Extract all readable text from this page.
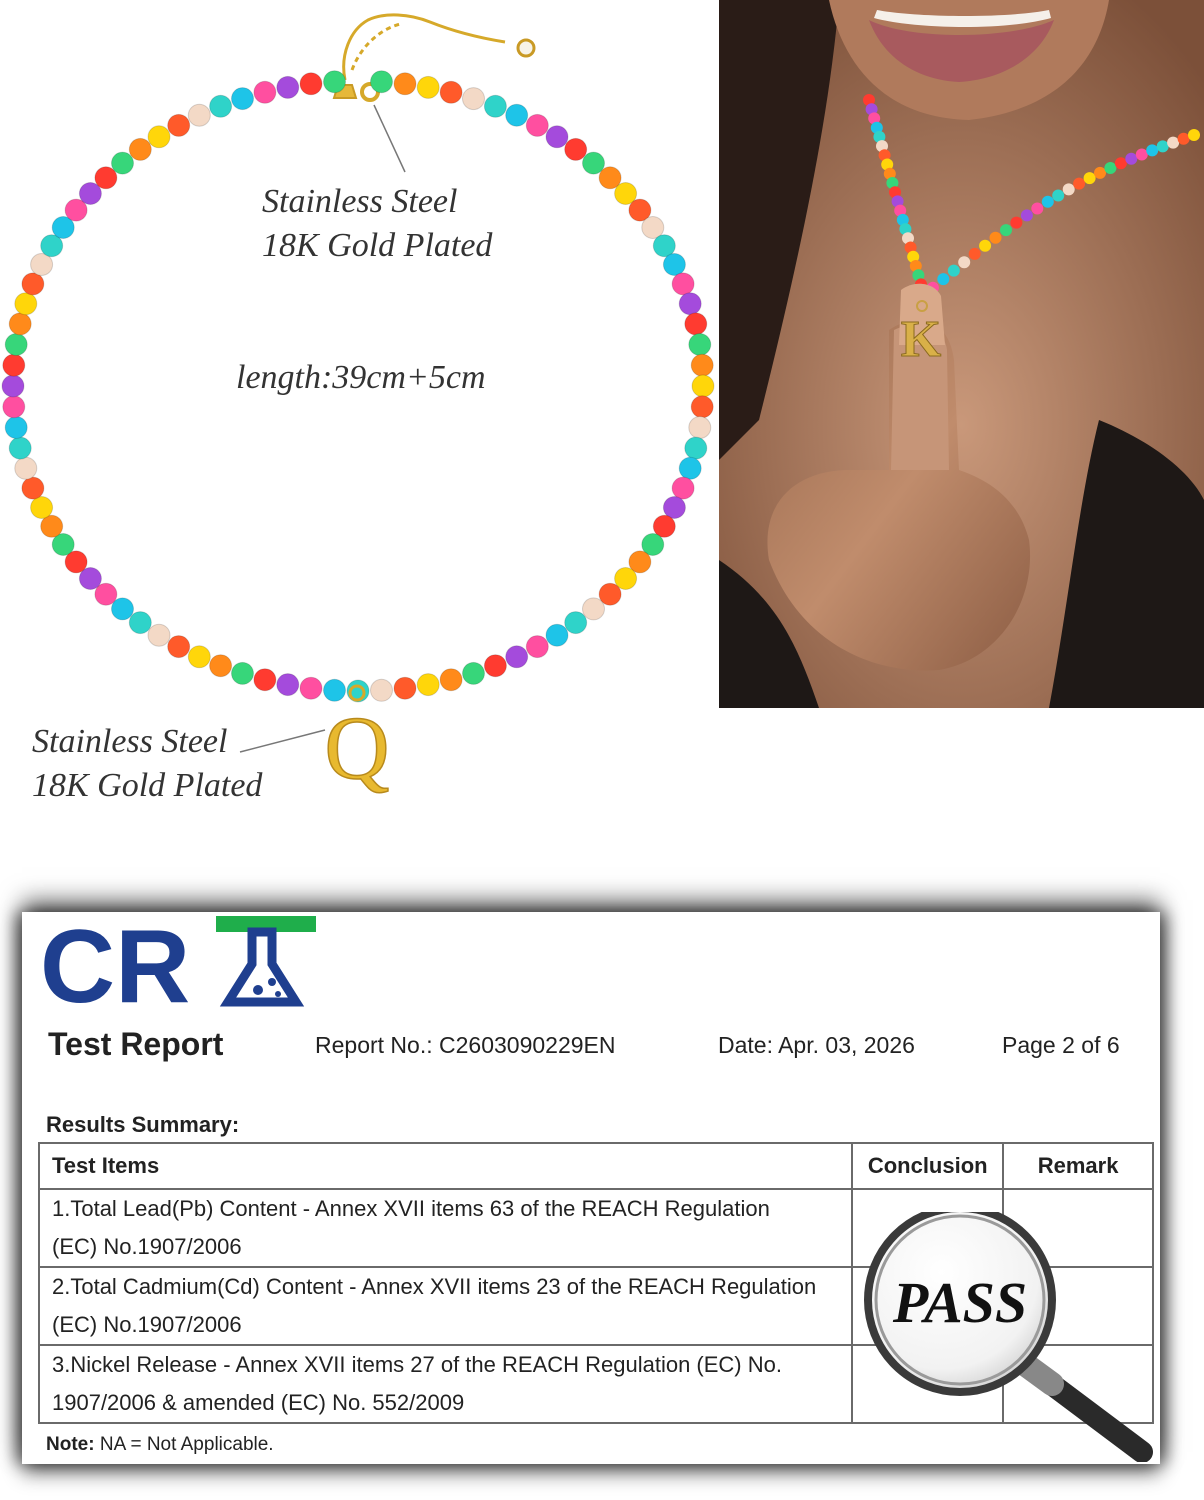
Q
Stainless Steel
18K Gold Plated
length:39cm+5cm
Stainless Steel
18K Gold Plated
K
CR
Test Report	Report No.: C2603090229EN	Date: Apr. 03, 2026	Page 2 of 6
Results Summary:
Test Items	Conclusion	Remark
1.Total Lead(Pb) Content - Annex XVII items 63 of the REACH Regulation
(EC) No.1907/2006		
2.Total Cadmium(Cd) Content - Annex XVII items 23 of the REACH Regulation
(EC) No.1907/2006		
3.Nickel Release - Annex XVII items 27 of the REACH Regulation (EC) No.
1907/2006 & amended (EC) No. 552/2009		
Note: NA = Not Applicable.
PASS
